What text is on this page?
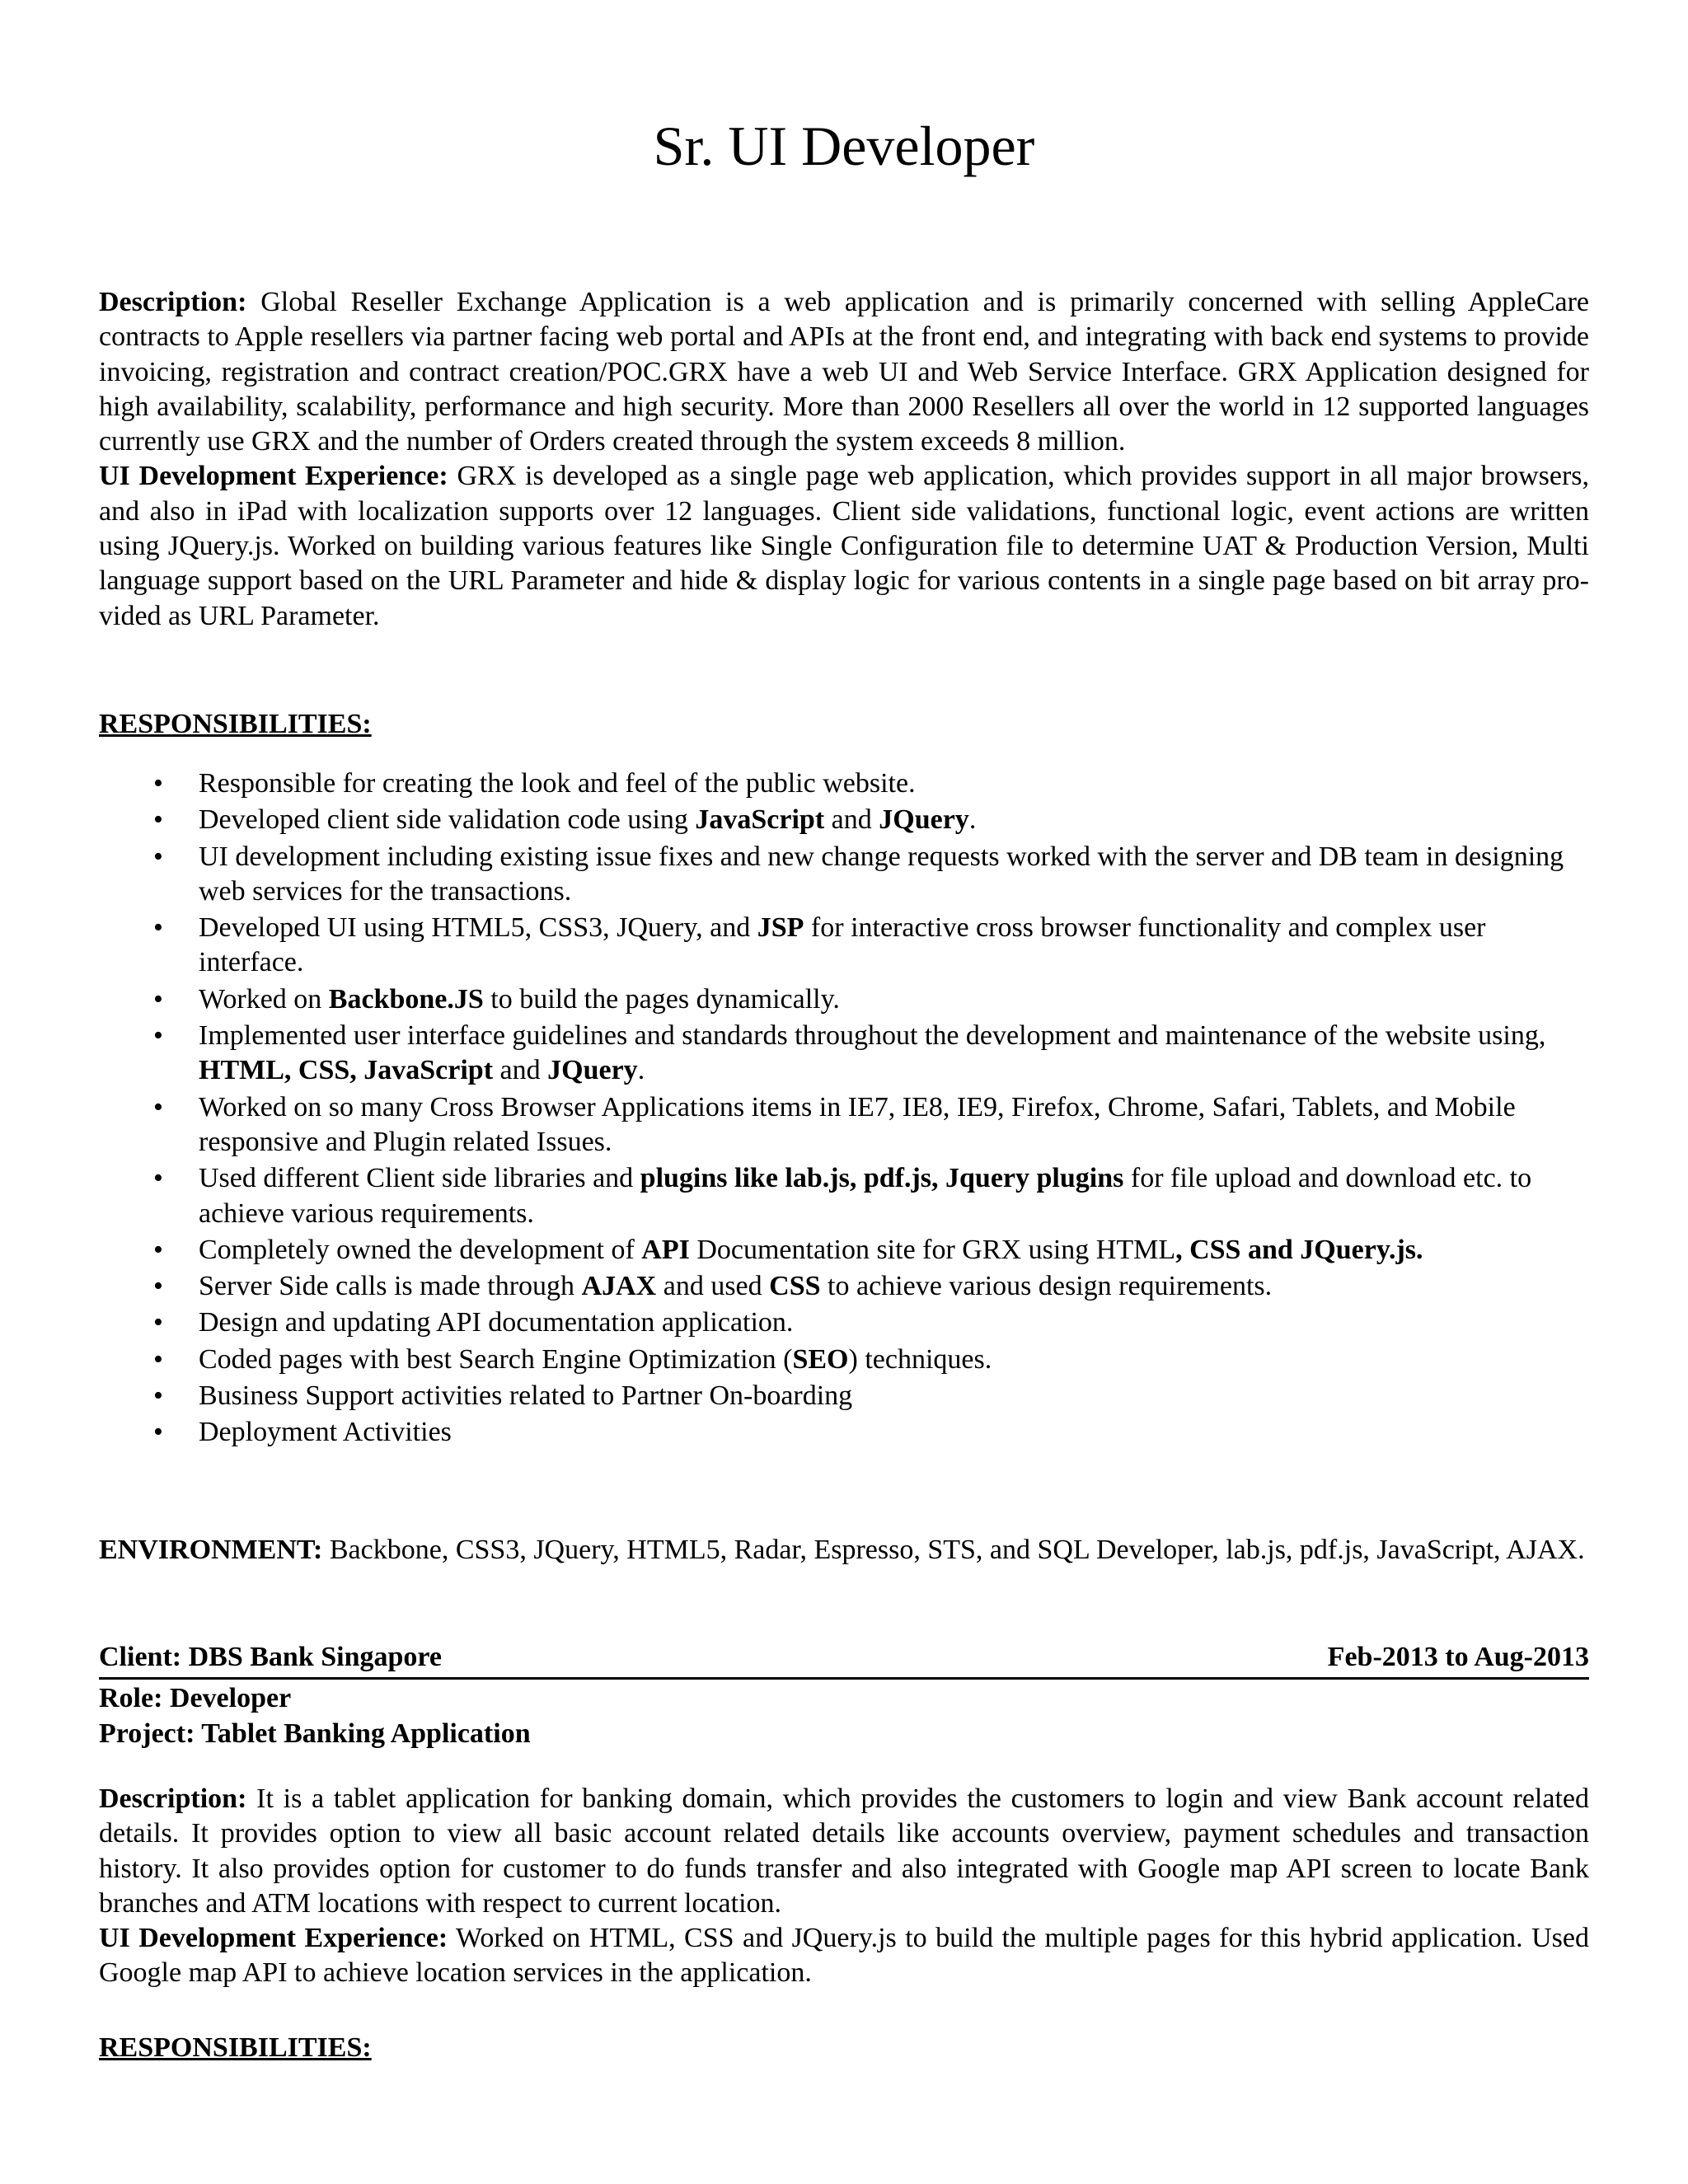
Sr. UI Developer
Description: Global Reseller Exchange Application is a web application and is primarily concerned with selling AppleCare contracts to Apple resellers via partner facing web portal and APIs at the front end, and integrating with back end systems to provide invoicing, registration and contract creation/POC.GRX have a web UI and Web Service Interface. GRX Application designed for high availability, scalability, performance and high security. More than 2000 Resellers all over the world in 12 supported languages currently use GRX and the number of Orders created through the system exceeds 8 million.
UI Development Experience: GRX is developed as a single page web application, which provides support in all major browsers, and also in iPad with localization supports over 12 languages. Client side validations, functional logic, event actions are written using JQuery.js. Worked on building various features like Single Configuration file to determine UAT & Production Version, Multi language support based on the URL Parameter and hide & display logic for various contents in a single page based on bit array pro- vided as URL Parameter.
RESPONSIBILITIES:
• Responsible for creating the look and feel of the public website.
• Developed client side validation code using JavaScript and JQuery.
• UI development including existing issue fixes and new change requests worked with the server and DB team in designing web services for the transactions.
• Developed UI using HTML5, CSS3, JQuery, and JSP for interactive cross browser functionality and complex user interface.
• Worked on Backbone.JS to build the pages dynamically.
• Implemented user interface guidelines and standards throughout the development and maintenance of the website using, HTML, CSS, JavaScript and JQuery.
• Worked on so many Cross Browser Applications items in IE7, IE8, IE9, Firefox, Chrome, Safari, Tablets, and Mobile responsive and Plugin related Issues.
• Used different Client side libraries and plugins like lab.js, pdf.js, Jquery plugins for file upload and download etc. to achieve various requirements.
• Completely owned the development of API Documentation site for GRX using HTML, CSS and JQuery.js.
• Server Side calls is made through AJAX and used CSS to achieve various design requirements.
• Design and updating API documentation application.
• Coded pages with best Search Engine Optimization (SEO) techniques.
• Business Support activities related to Partner On-boarding
• Deployment Activities
ENVIRONMENT: Backbone, CSS3, JQuery, HTML5, Radar, Espresso, STS, and SQL Developer, lab.js, pdf.js, JavaScript, AJAX.
Client: DBS Bank Singapore	Feb-2013 to Aug-2013
Role: Developer
Project: Tablet Banking Application
Description: It is a tablet application for banking domain, which provides the customers to login and view Bank account related details. It provides option to view all basic account related details like accounts overview, payment schedules and transaction history. It also provides option for customer to do funds transfer and also integrated with Google map API screen to locate Bank branches and ATM locations with respect to current location.
UI Development Experience: Worked on HTML, CSS and JQuery.js to build the multiple pages for this hybrid application. Used Google map API to achieve location services in the application.
RESPONSIBILITIES:
